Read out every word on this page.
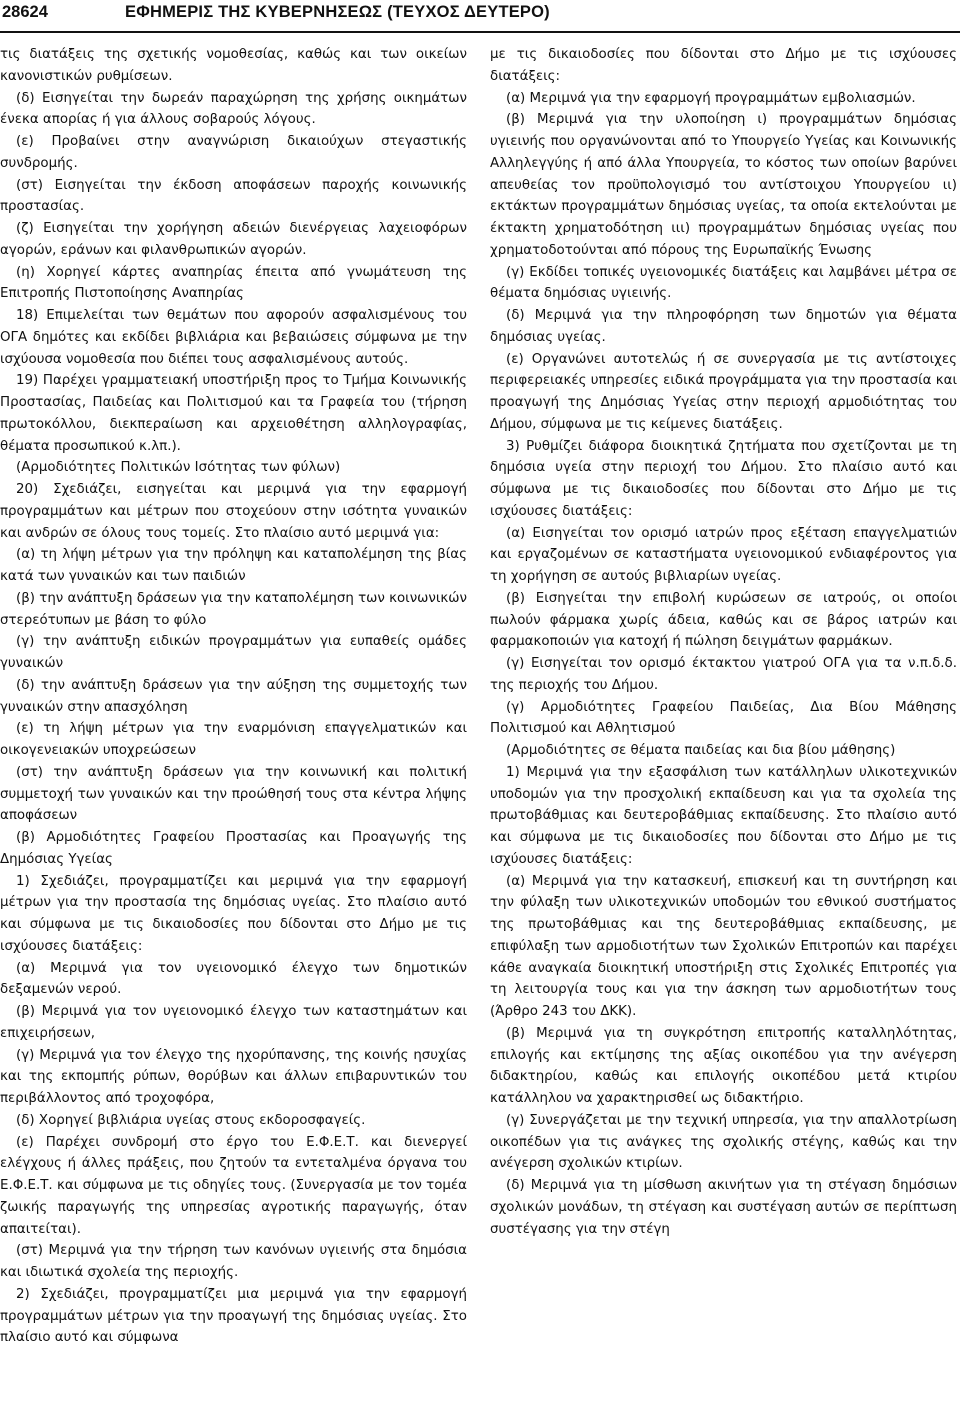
28624	ΕΦΗΜΕΡΙΣ ΤΗΣ ΚΥΒΕΡΝΗΣΕΩΣ (ΤΕΥΧΟΣ ΔΕΥΤΕΡΟ)

τις διατάξεις της σχετικής νομοθεσίας, καθώς και των οικείων κανονιστικών ρυθμίσεων.

(δ) Εισηγείται την δωρεάν παραχώρηση της χρήσης οικημάτων ένεκα απορίας ή για άλλους σοβαρούς λόγους.

(ε) Προβαίνει στην αναγνώριση δικαιούχων στεγαστικής συνδρομής.

(στ) Εισηγείται την έκδοση αποφάσεων παροχής κοινωνικής προστασίας.

(ζ) Εισηγείται την χορήγηση αδειών διενέργειας λαχειοφόρων αγορών, εράνων και φιλανθρωπικών αγορών.

(η) Χορηγεί κάρτες αναπηρίας έπειτα από γνωμάτευση της Επιτροπής Πιστοποίησης Αναπηρίας

18) Επιμελείται των θεμάτων που αφορούν ασφαλισμένους του ΟΓΑ δημότες και εκδίδει βιβλιάρια και βεβαιώσεις σύμφωνα με την ισχύουσα νομοθεσία που διέπει τους ασφαλισμένους αυτούς.

19) Παρέχει γραμματειακή υποστήριξη προς το Τμήμα Κοινωνικής Προστασίας, Παιδείας και Πολιτισμού και τα Γραφεία του (τήρηση πρωτοκόλλου, διεκπεραίωση και αρχειοθέτηση αλληλογραφίας, θέματα προσωπικού κ.λπ.).

(Αρμοδιότητες Πολιτικών Ισότητας των φύλων)

20) Σχεδιάζει, εισηγείται και μεριμνά για την εφαρμογή προγραμμάτων και μέτρων που στοχεύουν στην ισότητα γυναικών και ανδρών σε όλους τους τομείς. Στο πλαίσιο αυτό μεριμνά για:

(α) τη λήψη μέτρων για την πρόληψη και καταπολέμηση της βίας κατά των γυναικών και των παιδιών

(β) την ανάπτυξη δράσεων για την καταπολέμηση των κοινωνικών στερεότυπων με βάση το φύλο

(γ) την ανάπτυξη ειδικών προγραμμάτων για ευπαθείς ομάδες γυναικών

(δ) την ανάπτυξη δράσεων για την αύξηση της συμμετοχής των γυναικών στην απασχόληση

(ε) τη λήψη μέτρων για την εναρμόνιση επαγγελματικών και οικογενειακών υποχρεώσεων

(στ) την ανάπτυξη δράσεων για την κοινωνική και πολιτική συμμετοχή των γυναικών και την προώθησή τους στα κέντρα λήψης αποφάσεων

(β) Αρμοδιότητες Γραφείου Προστασίας και Προαγωγής της Δημόσιας Υγείας

1) Σχεδιάζει, προγραμματίζει και μεριμνά για την εφαρμογή μέτρων για την προστασία της δημόσιας υγείας. Στο πλαίσιο αυτό και σύμφωνα με τις δικαιοδοσίες που δίδονται στο Δήμο με τις ισχύουσες διατάξεις:

(α) Μεριμνά για τον υγειονομικό έλεγχο των δημοτικών δεξαμενών νερού.

(β) Μεριμνά για τον υγειονομικό έλεγχο των καταστημάτων και επιχειρήσεων,

(γ) Μεριμνά για τον έλεγχο της ηχορύπανσης, της κοινής ησυχίας και της εκπομπής ρύπων, θορύβων και άλλων επιβαρυντικών του περιβάλλοντος από τροχοφόρα,

(δ) Χορηγεί βιβλιάρια υγείας στους εκδοροσφαγείς.

(ε) Παρέχει συνδρομή στο έργο του Ε.Φ.Ε.Τ. και διενεργεί ελέγχους ή άλλες πράξεις, που ζητούν τα εντεταλμένα όργανα του Ε.Φ.Ε.Τ. και σύμφωνα με τις οδηγίες τους. (Συνεργασία με τον τομέα ζωικής παραγωγής της υπηρεσίας αγροτικής παραγωγής, όταν απαιτείται).

(στ) Μεριμνά για την τήρηση των κανόνων υγιεινής στα δημόσια και ιδιωτικά σχολεία της περιοχής.

2) Σχεδιάζει, προγραμματίζει μια μεριμνά για την εφαρμογή προγραμμάτων μέτρων για την προαγωγή της δημόσιας υγείας. Στο πλαίσιο αυτό και σύμφωνα

με τις δικαιοδοσίες που δίδονται στο Δήμο με τις ισχύουσες διατάξεις:

(α) Μεριμνά για την εφαρμογή προγραμμάτων εμβολιασμών.

(β) Μεριμνά για την υλοποίηση ι) προγραμμάτων δημόσιας υγιεινής που οργανώνονται από το Υπουργείο Υγείας και Κοινωνικής Αλληλεγγύης ή από άλλα Υπουργεία, το κόστος των οποίων βαρύνει απευθείας τον προϋπολογισμό του αντίστοιχου Υπουργείου ιι) εκτάκτων προγραμμάτων δημόσιας υγείας, τα οποία εκτελούνται με έκτακτη χρηματοδότηση ιιι) προγραμμάτων δημόσιας υγείας που χρηματοδοτούνται από πόρους της Ευρωπαϊκής Ένωσης

(γ) Εκδίδει τοπικές υγειονομικές διατάξεις και λαμβάνει μέτρα σε θέματα δημόσιας υγιεινής.

(δ) Μεριμνά για την πληροφόρηση των δημοτών για θέματα δημόσιας υγείας.

(ε) Οργανώνει αυτοτελώς ή σε συνεργασία με τις αντίστοιχες περιφερειακές υπηρεσίες ειδικά προγράμματα για την προστασία και προαγωγή της Δημόσιας Υγείας στην περιοχή αρμοδιότητας του Δήμου, σύμφωνα με τις κείμενες διατάξεις.

3) Ρυθμίζει διάφορα διοικητικά ζητήματα που σχετίζονται με τη δημόσια υγεία στην περιοχή του Δήμου. Στο πλαίσιο αυτό και σύμφωνα με τις δικαιοδοσίες που δίδονται στο Δήμο με τις ισχύουσες διατάξεις:

(α) Εισηγείται τον ορισμό ιατρών προς εξέταση επαγγελματιών και εργαζομένων σε καταστήματα υγειονομικού ενδιαφέροντος για τη χορήγηση σε αυτούς βιβλιαρίων υγείας.

(β) Εισηγείται την επιβολή κυρώσεων σε ιατρούς, οι οποίοι πωλούν φάρμακα χωρίς άδεια, καθώς και σε βάρος ιατρών και φαρμακοποιών για κατοχή ή πώληση δειγμάτων φαρμάκων.

(γ) Εισηγείται τον ορισμό έκτακτου γιατρού ΟΓΑ για τα ν.π.δ.δ. της περιοχής του Δήμου.

(γ) Αρμοδιότητες Γραφείου Παιδείας, Δια Βίου Μάθησης Πολιτισμού και Αθλητισμού

(Αρμοδιότητες σε θέματα παιδείας και δια βίου μάθησης)

1) Μεριμνά για την εξασφάλιση των κατάλληλων υλικοτεχνικών υποδομών για την προσχολική εκπαίδευση και για τα σχολεία της πρωτοβάθμιας και δευτεροβάθμιας εκπαίδευσης. Στο πλαίσιο αυτό και σύμφωνα με τις δικαιοδοσίες που δίδονται στο Δήμο με τις ισχύουσες διατάξεις:

(α) Μεριμνά για την κατασκευή, επισκευή και τη συντήρηση και την φύλαξη των υλικοτεχνικών υποδομών του εθνικού συστήματος της πρωτοβάθμιας και της δευτεροβάθμιας εκπαίδευσης, με επιφύλαξη των αρμοδιοτήτων των Σχολικών Επιτροπών και παρέχει κάθε αναγκαία διοικητική υποστήριξη στις Σχολικές Επιτροπές για τη λειτουργία τους και για την άσκηση των αρμοδιοτήτων τους (Άρθρο 243 του ΔΚΚ).

(β) Μεριμνά για τη συγκρότηση επιτροπής καταλληλότητας, επιλογής και εκτίμησης της αξίας οικοπέδου για την ανέγερση διδακτηρίου, καθώς και επιλογής οικοπέδου μετά κτιρίου κατάλληλου να χαρακτηρισθεί ως διδακτήριο.

(γ) Συνεργάζεται με την τεχνική υπηρεσία, για την απαλλοτρίωση οικοπέδων για τις ανάγκες της σχολικής στέγης, καθώς και την ανέγερση σχολικών κτιρίων.

(δ) Μεριμνά για τη μίσθωση ακινήτων για τη στέγαση δημόσιων σχολικών μονάδων, τη στέγαση και συστέγαση αυτών σε περίπτωση συστέγασης για την στέγη
